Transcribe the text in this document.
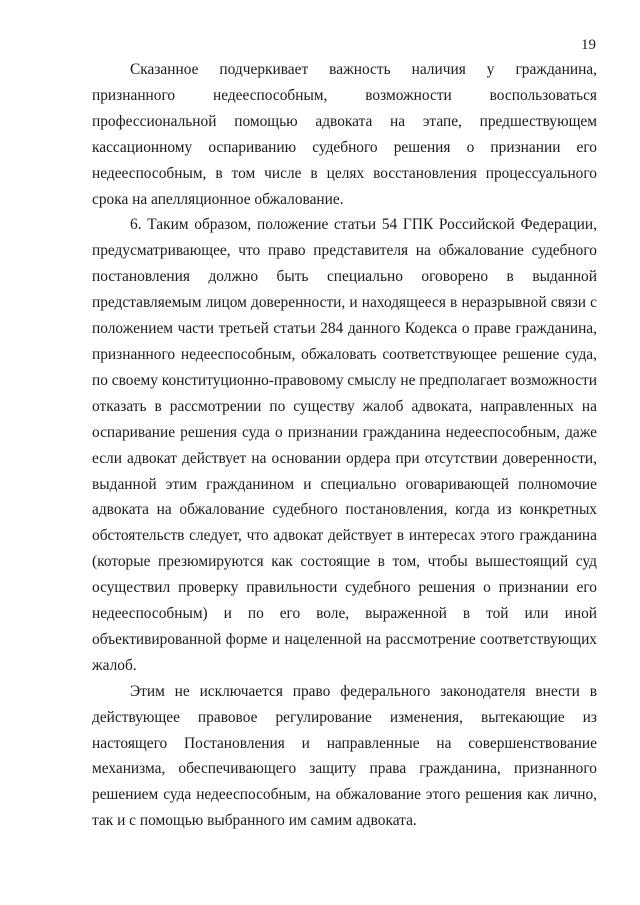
19

Сказанное подчеркивает важность наличия у гражданина, признанного недееспособным, возможности воспользоваться профессиональной помощью адвоката на этапе, предшествующем кассационному оспариванию судебного решения о признании его недееспособным, в том числе в целях восстановления процессуального срока на апелляционное обжалование.

6. Таким образом, положение статьи 54 ГПК Российской Федерации, предусматривающее, что право представителя на обжалование судебного постановления должно быть специально оговорено в выданной представляемым лицом доверенности, и находящееся в неразрывной связи с положением части третьей статьи 284 данного Кодекса о праве гражданина, признанного недееспособным, обжаловать соответствующее решение суда, по своему конституционно-правовому смыслу не предполагает возможности отказать в рассмотрении по существу жалоб адвоката, направленных на оспаривание решения суда о признании гражданина недееспособным, даже если адвокат действует на основании ордера при отсутствии доверенности, выданной этим гражданином и специально оговаривающей полномочие адвоката на обжалование судебного постановления, когда из конкретных обстоятельств следует, что адвокат действует в интересах этого гражданина (которые презюмируются как состоящие в том, чтобы вышестоящий суд осуществил проверку правильности судебного решения о признании его недееспособным) и по его воле, выраженной в той или иной объективированной форме и нацеленной на рассмотрение соответствующих жалоб.

Этим не исключается право федерального законодателя внести в действующее правовое регулирование изменения, вытекающие из настоящего Постановления и направленные на совершенствование механизма, обеспечивающего защиту права гражданина, признанного решением суда недееспособным, на обжалование этого решения как лично, так и с помощью выбранного им самим адвоката.
